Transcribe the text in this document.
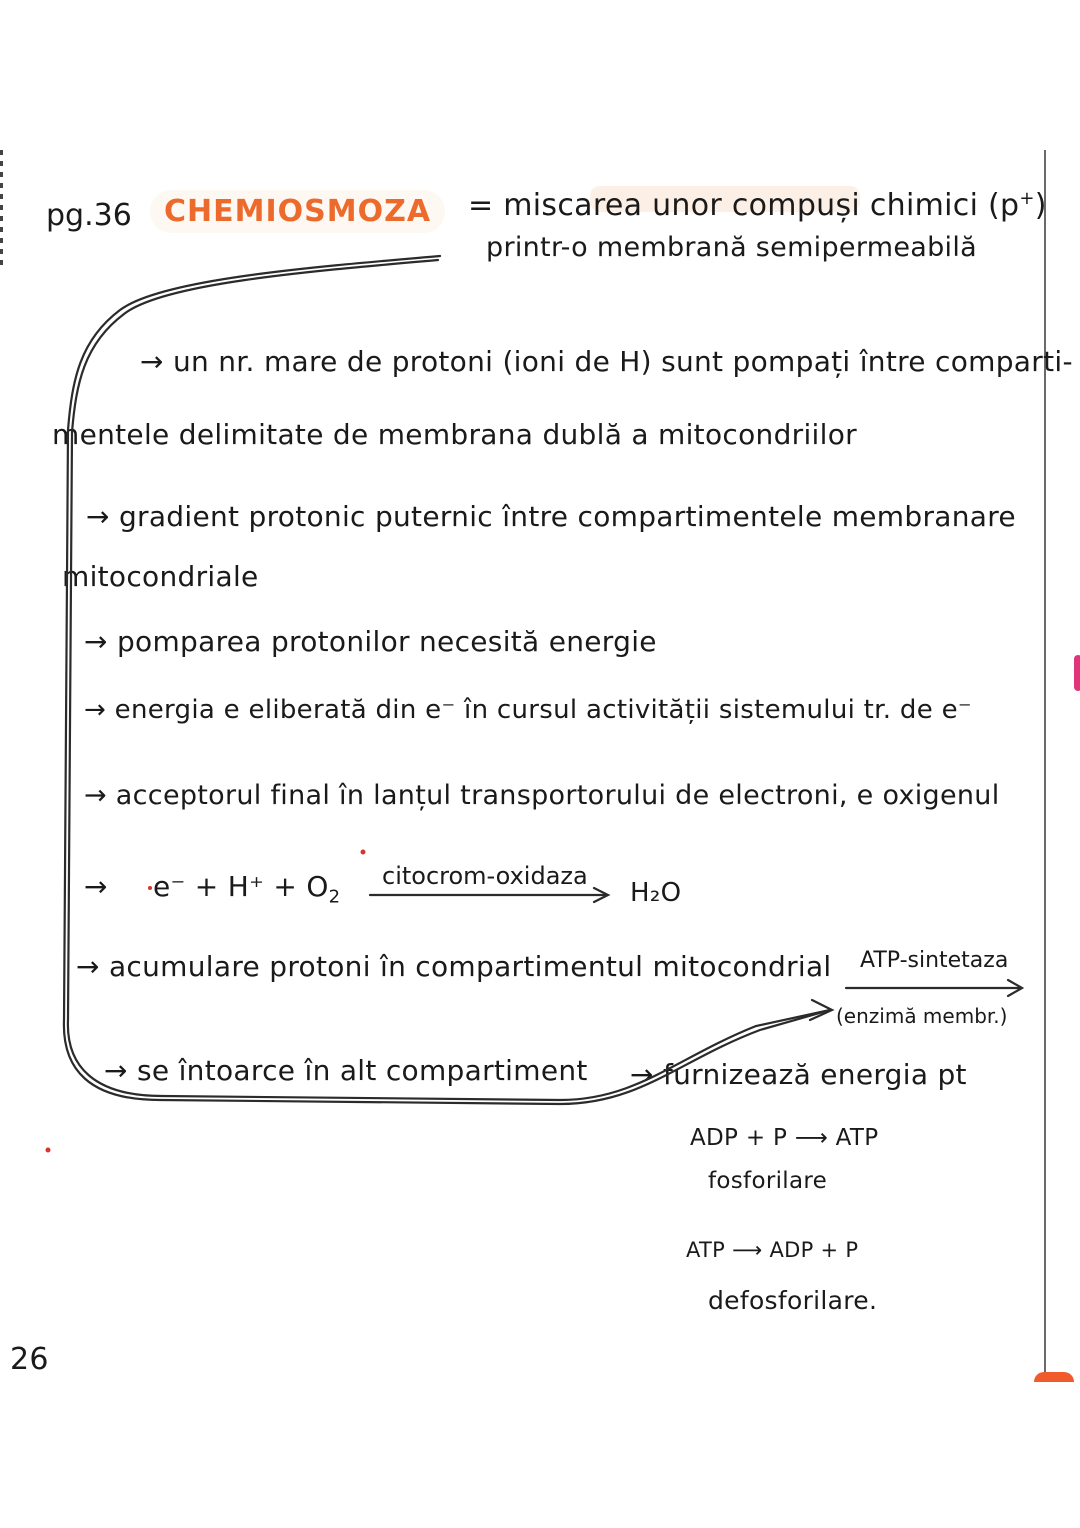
pg.36	CHEMIOSMOZA	= miscarea unor compuși chimici (p+)
printr-o membrană semipermeabilă
→ un nr. mare de protoni (ioni de H) sunt pompați între comparti-
mentele delimitate de membrana dublă a mitocondriilor
→ gradient protonic puternic între compartimentele membranare
mitocondriale
→ pomparea protonilor necesită energie
→ energia e eliberată din e⁻ în cursul activității sistemului tr. de e⁻
→ acceptorul final în lanțul transportorului de electroni, e oxigenul
→ $e^- + H^+ + O_2$
citocrom-oxidaza
H₂O
→ acumulare protoni în compartimentul mitocondrial ATP-sintetaza
(enzimă membr.)
→ se întoarce în alt compartiment → furnizează energia pt
ADP + P ⟶ ATP
fosforilare
ATP ⟶ ADP + P
defosforilare.
26
